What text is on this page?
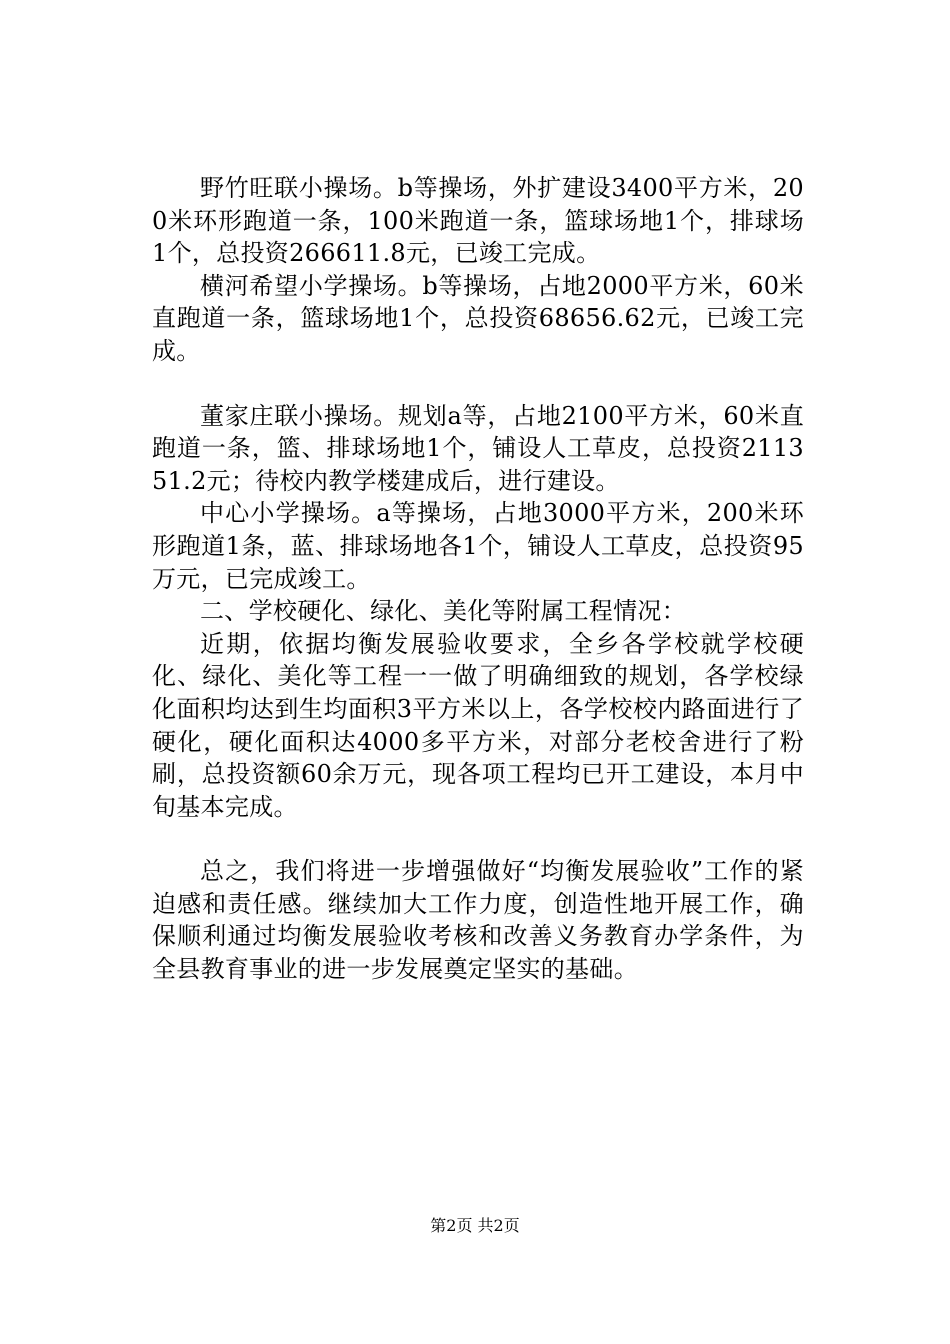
野竹旺联小操场。b等操场，外扩建设3400平方米，200米环形跑道一条，100米跑道一条，篮球场地1个，排球场1个，总投资266611.8元，已竣工完成。

横河希望小学操场。b等操场，占地2000平方米，60米直跑道一条，篮球场地1个，总投资68656.62元，已竣工完成。

董家庄联小操场。规划a等，占地2100平方米，60米直跑道一条，篮、排球场地1个，铺设人工草皮，总投资211351.2元；待校内教学楼建成后，进行建设。

中心小学操场。a等操场，占地3000平方米，200米环形跑道1条，蓝、排球场地各1个，铺设人工草皮，总投资95万元，已完成竣工。

二、学校硬化、绿化、美化等附属工程情况：

近期，依据均衡发展验收要求，全乡各学校就学校硬化、绿化、美化等工程一一做了明确细致的规划，各学校绿化面积均达到生均面积3平方米以上，各学校校内路面进行了硬化，硬化面积达4000多平方米，对部分老校舍进行了粉刷，总投资额60余万元，现各项工程均已开工建设，本月中旬基本完成。

总之，我们将进一步增强做好“均衡发展验收”工作的紧迫感和责任感。继续加大工作力度，创造性地开展工作，确保顺利通过均衡发展验收考核和改善义务教育办学条件，为全县教育事业的进一步发展奠定坚实的基础。

第2页 共2页
